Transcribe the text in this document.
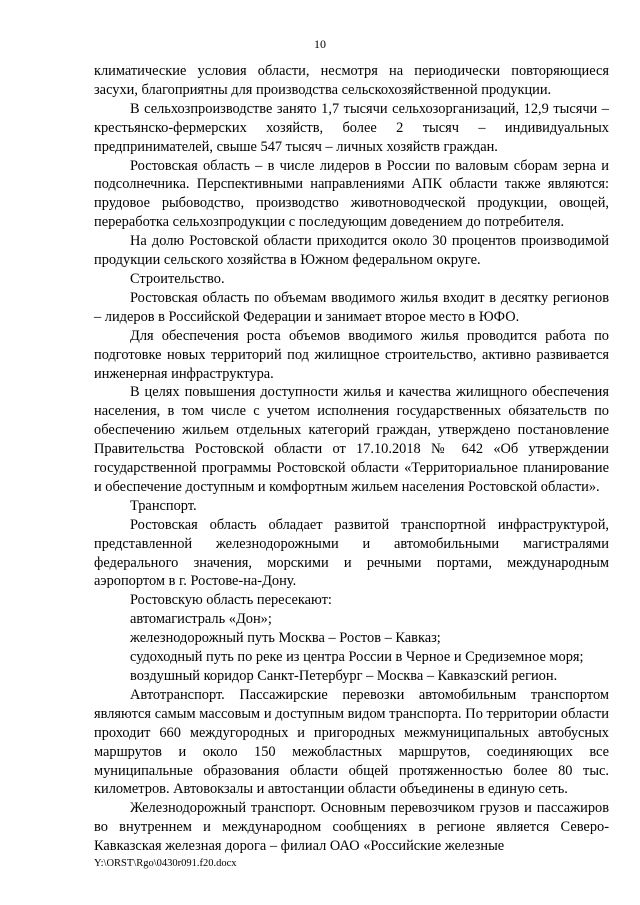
10

климатические условия области, несмотря на периодически повторяющиеся засухи, благоприятны для производства сельскохозяйственной продукции.

В сельхозпроизводстве занято 1,7 тысячи сельхозорганизаций, 12,9 тысячи – крестьянско-фермерских хозяйств, более 2 тысяч – индивидуальных предпринимателей, свыше 547 тысяч – личных хозяйств граждан.

Ростовская область – в числе лидеров в России по валовым сборам зерна и подсолнечника. Перспективными направлениями АПК области также являются: прудовое рыбоводство, производство животноводческой продукции, овощей, переработка сельхозпродукции с последующим доведением до потребителя.

На долю Ростовской области приходится около 30 процентов производимой продукции сельского хозяйства в Южном федеральном округе.

Строительство.

Ростовская область по объемам вводимого жилья входит в десятку регионов – лидеров в Российской Федерации и занимает второе место в ЮФО.

Для обеспечения роста объемов вводимого жилья проводится работа по подготовке новых территорий под жилищное строительство, активно развивается инженерная инфраструктура.

В целях повышения доступности жилья и качества жилищного обеспечения населения, в том числе с учетом исполнения государственных обязательств по обеспечению жильем отдельных категорий граждан, утверждено постановление Правительства Ростовской области от 17.10.2018 № 642 «Об утверждении государственной программы Ростовской области «Территориальное планирование и обеспечение доступным и комфортным жильем населения Ростовской области».

Транспорт.

Ростовская область обладает развитой транспортной инфраструктурой, представленной железнодорожными и автомобильными магистралями федерального значения, морскими и речными портами, международным аэропортом в г. Ростове-на-Дону.

Ростовскую область пересекают:

автомагистраль «Дон»;

железнодорожный путь Москва – Ростов – Кавказ;

судоходный путь по реке из центра России в Черное и Средиземное моря;

воздушный коридор Санкт-Петербург – Москва – Кавказский регион.

Автотранспорт. Пассажирские перевозки автомобильным транспортом являются самым массовым и доступным видом транспорта. По территории области проходит 660 междугородных и пригородных межмуниципальных автобусных маршрутов и около 150 межобластных маршрутов, соединяющих все муниципальные образования области общей протяженностью более 80 тыс. километров. Автовокзалы и автостанции области объединены в единую сеть.

Железнодорожный транспорт. Основным перевозчиком грузов и пассажиров во внутреннем и международном сообщениях в регионе является Северо-Кавказская железная дорога – филиал ОАО «Российские железные

Y:\ORST\Rgo\0430r091.f20.docx
